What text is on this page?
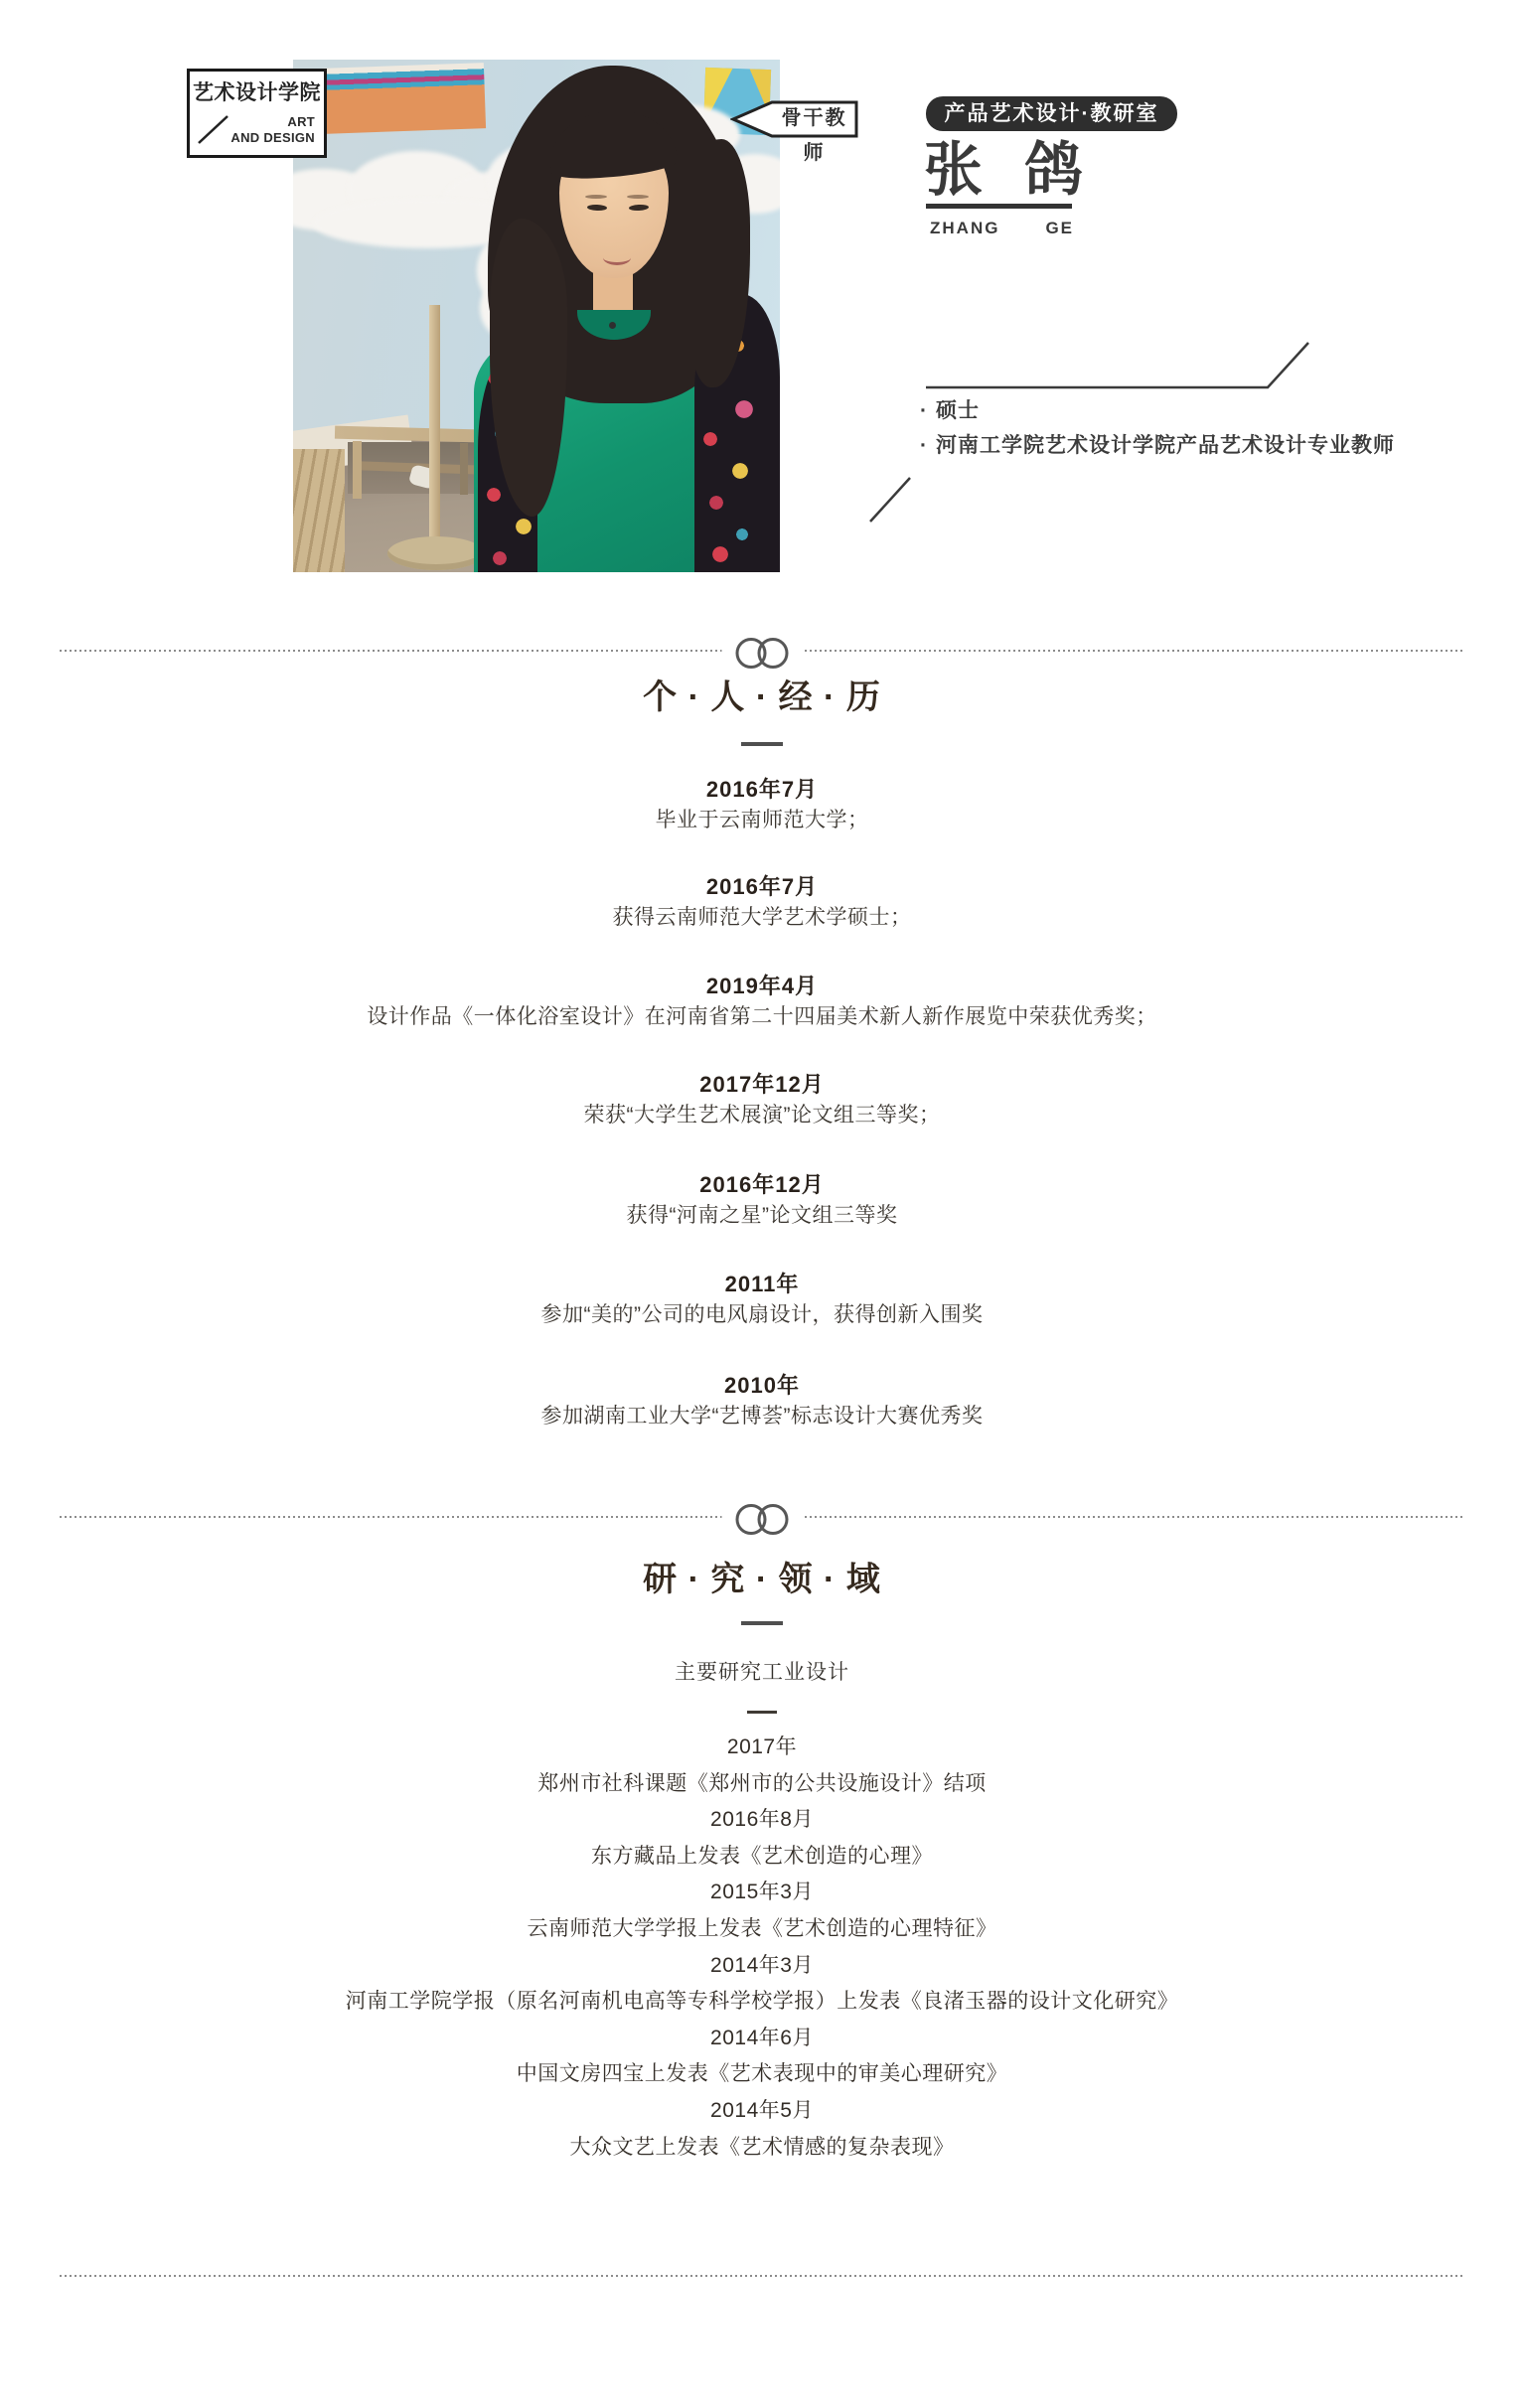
艺术设计学院
ART
AND DESIGN
骨干教师
产品艺术设计·教研室
张 鸽
ZHANG	GE
· 硕士
· 河南工学院艺术设计学院产品艺术设计专业教师
个 · 人 · 经 · 历
2016年7月
毕业于云南师范大学；
2016年7月
获得云南师范大学艺术学硕士；
2019年4月
设计作品《一体化浴室设计》在河南省第二十四届美术新人新作展览中荣获优秀奖；
2017年12月
荣获“大学生艺术展演”论文组三等奖；
2016年12月
获得“河南之星”论文组三等奖
2011年
参加“美的”公司的电风扇设计，获得创新入围奖
2010年
参加湖南工业大学“艺博荟”标志设计大赛优秀奖
研 · 究 · 领 · 域
主要研究工业设计
2017年
郑州市社科课题《郑州市的公共设施设计》结项
2016年8月
东方藏品上发表《艺术创造的心理》
2015年3月
云南师范大学学报上发表《艺术创造的心理特征》
2014年3月
河南工学院学报（原名河南机电高等专科学校学报）上发表《良渚玉器的设计文化研究》
2014年6月
中国文房四宝上发表《艺术表现中的审美心理研究》
2014年5月
大众文艺上发表《艺术情感的复杂表现》
